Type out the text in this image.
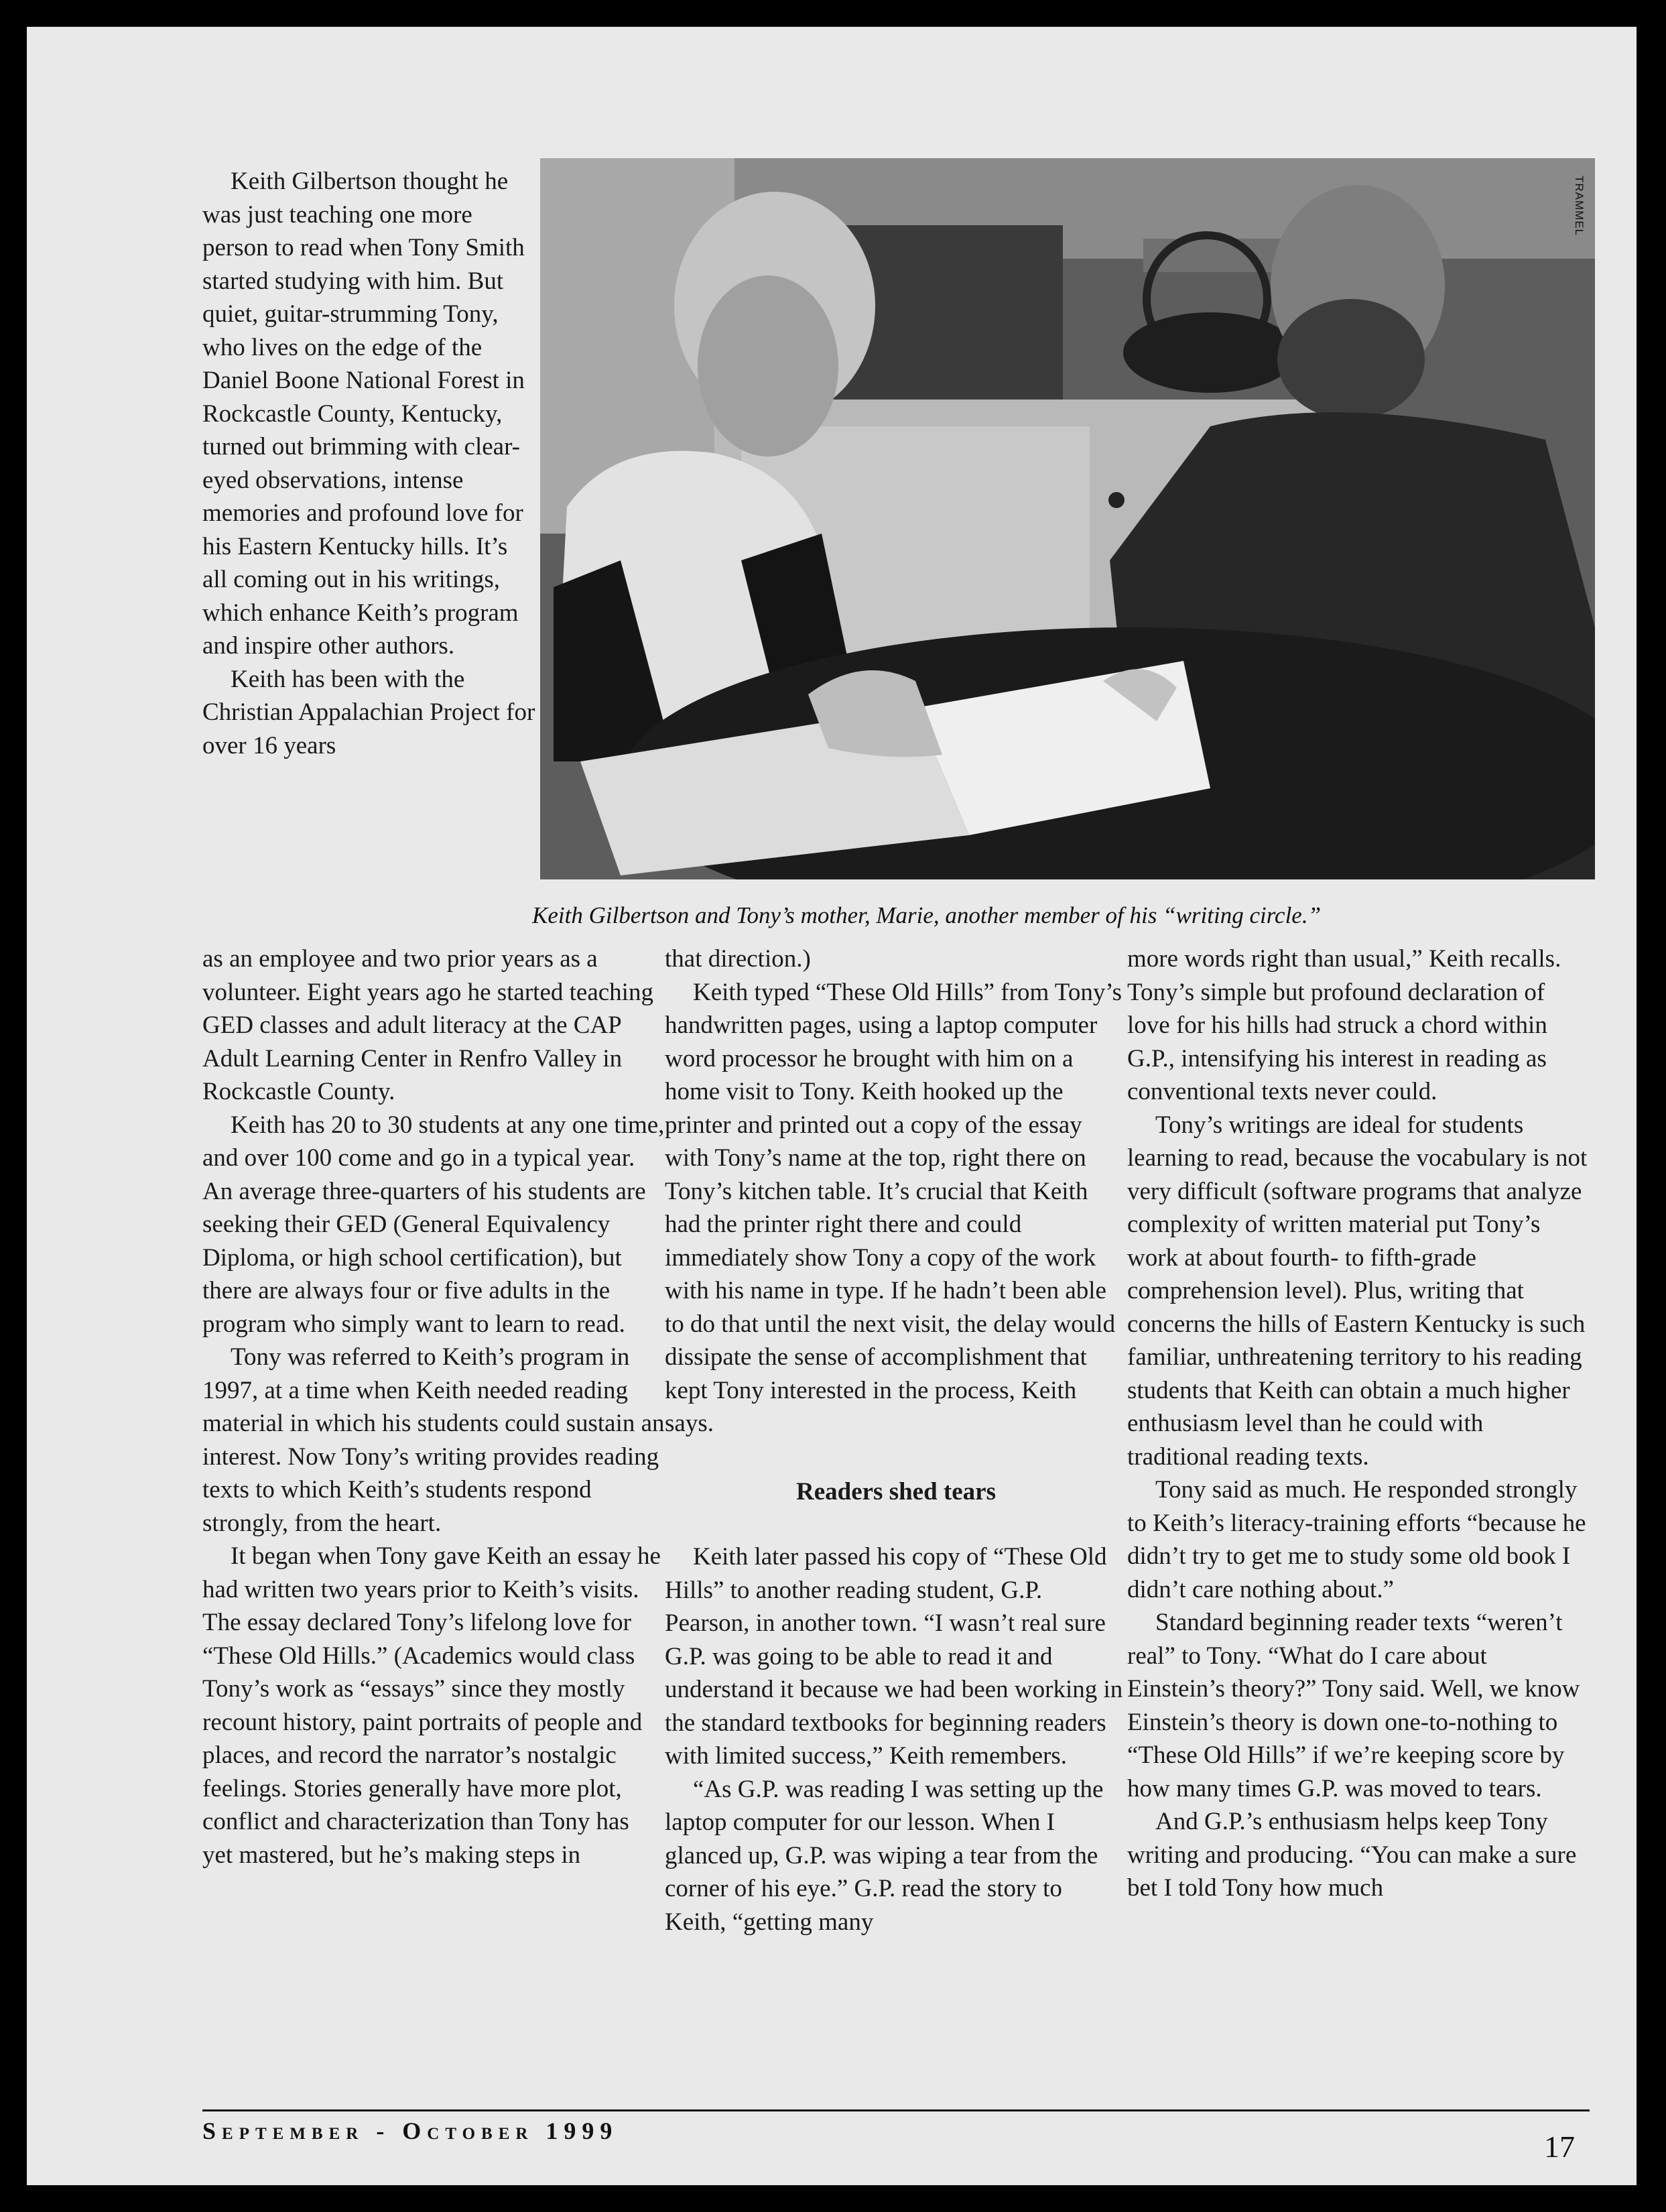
Keith Gilbertson thought he was just teaching one more person to read when Tony Smith started studying with him. But quiet, guitar-strumming Tony, who lives on the edge of the Daniel Boone National Forest in Rockcastle County, Kentucky, turned out brimming with clear-eyed observations, intense memories and profound love for his Eastern Kentucky hills. It’s all coming out in his writings, which enhance Keith’s program and inspire other authors.

Keith has been with the Christian Appalachian Project for over 16 years

TRAMMEL
Keith Gilbertson and Tony’s mother, Marie, another member of his “writing circle.”

as an employee and two prior years as a volunteer. Eight years ago he started teaching GED classes and adult literacy at the CAP Adult Learning Center in Renfro Valley in Rockcastle County.

Keith has 20 to 30 students at any one time, and over 100 come and go in a typical year. An average three-quarters of his students are seeking their GED (General Equivalency Diploma, or high school certification), but there are always four or five adults in the program who simply want to learn to read.

Tony was referred to Keith’s program in 1997, at a time when Keith needed reading material in which his students could sustain an interest. Now Tony’s writing provides reading texts to which Keith’s students respond strongly, from the heart.

It began when Tony gave Keith an essay he had written two years prior to Keith’s visits. The essay declared Tony’s lifelong love for “These Old Hills.” (Academics would class Tony’s work as “essays” since they mostly recount history, paint portraits of people and places, and record the narrator’s nostalgic feelings. Stories generally have more plot, conflict and characterization than Tony has yet mastered, but he’s making steps in

that direction.)

Keith typed “These Old Hills” from Tony’s handwritten pages, using a laptop computer word processor he brought with him on a home visit to Tony. Keith hooked up the printer and printed out a copy of the essay with Tony’s name at the top, right there on Tony’s kitchen table. It’s crucial that Keith had the printer right there and could immediately show Tony a copy of the work with his name in type. If he hadn’t been able to do that until the next visit, the delay would dissipate the sense of accomplishment that kept Tony interested in the process, Keith says.

Readers shed tears

Keith later passed his copy of “These Old Hills” to another reading student, G.P. Pearson, in another town. “I wasn’t real sure G.P. was going to be able to read it and understand it because we had been working in the standard textbooks for beginning readers with limited success,” Keith remembers.

“As G.P. was reading I was setting up the laptop computer for our lesson. When I glanced up, G.P. was wiping a tear from the corner of his eye.” G.P. read the story to Keith, “getting many

more words right than usual,” Keith recalls. Tony’s simple but profound declaration of love for his hills had struck a chord within G.P., intensifying his interest in reading as conventional texts never could.

Tony’s writings are ideal for students learning to read, because the vocabulary is not very difficult (software programs that analyze complexity of written material put Tony’s work at about fourth- to fifth-grade comprehension level). Plus, writing that concerns the hills of Eastern Kentucky is such familiar, unthreatening territory to his reading students that Keith can obtain a much higher enthusiasm level than he could with traditional reading texts.

Tony said as much. He responded strongly to Keith’s literacy-training efforts “because he didn’t try to get me to study some old book I didn’t care nothing about.”

Standard beginning reader texts “weren’t real” to Tony. “What do I care about Einstein’s theory?” Tony said. Well, we know Einstein’s theory is down one-to-nothing to “These Old Hills” if we’re keeping score by how many times G.P. was moved to tears.

And G.P.’s enthusiasm helps keep Tony writing and producing. “You can make a sure bet I told Tony how much

September - October 1999	17
